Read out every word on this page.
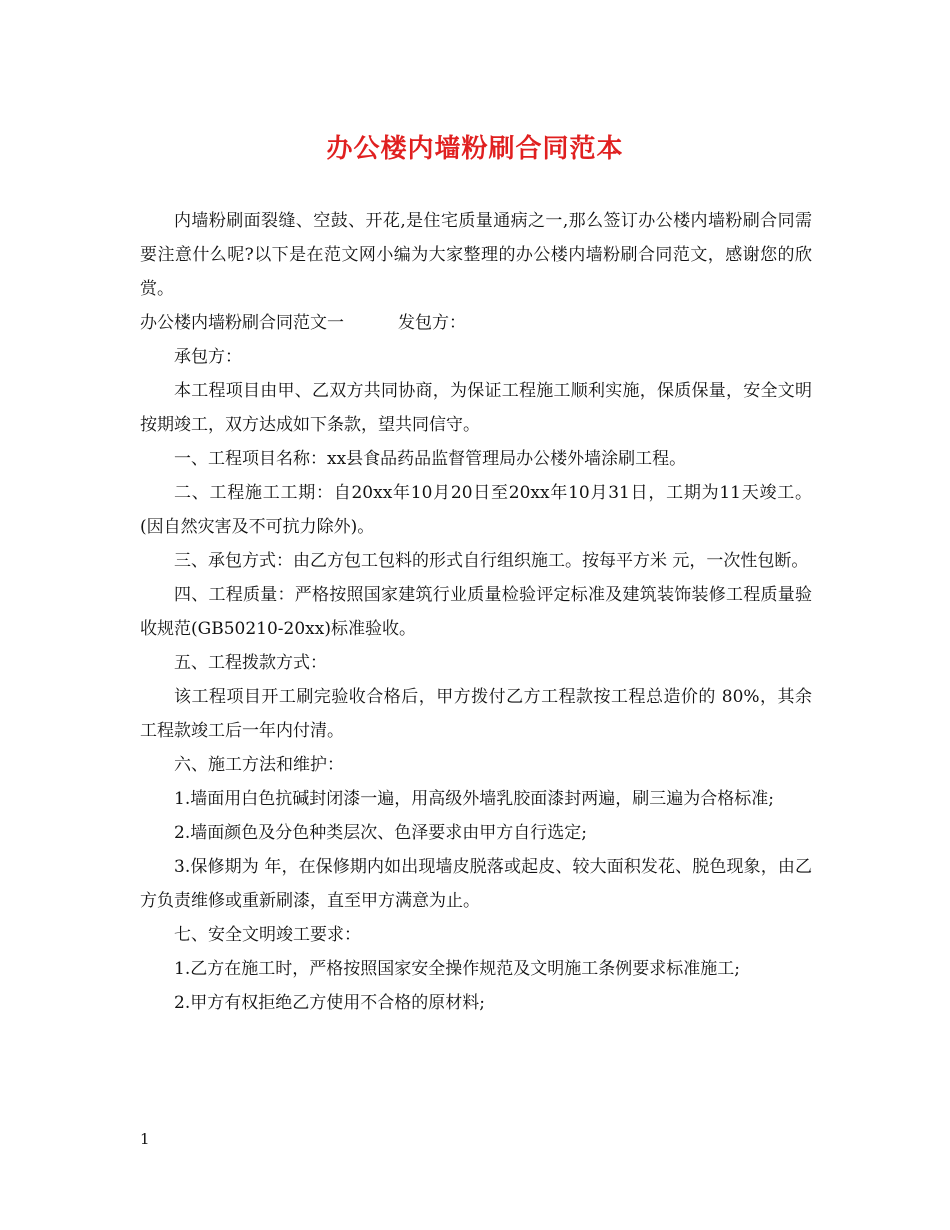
办公楼内墙粉刷合同范本

内墙粉刷面裂缝、空鼓、开花,是住宅质量通病之一,那么签订办公楼内墙粉刷合同需要注意什么呢?以下是在范文网小编为大家整理的办公楼内墙粉刷合同范文，感谢您的欣赏。

办公楼内墙粉刷合同范文一	发包方：

承包方：

本工程项目由甲、乙双方共同协商，为保证工程施工顺利实施，保质保量，安全文明按期竣工，双方达成如下条款，望共同信守。

一、工程项目名称：xx县食品药品监督管理局办公楼外墙涂刷工程。

二、工程施工工期：自20xx年10月20日至20xx年10月31日，工期为11天竣工。(因自然灾害及不可抗力除外)。

三、承包方式：由乙方包工包料的形式自行组织施工。按每平方米 元，一次性包断。

四、工程质量：严格按照国家建筑行业质量检验评定标准及建筑装饰装修工程质量验收规范(GB50210-20xx)标准验收。

五、工程拨款方式：

该工程项目开工刷完验收合格后，甲方拨付乙方工程款按工程总造价的 80%，其余工程款竣工后一年内付清。

六、施工方法和维护：

1.墙面用白色抗碱封闭漆一遍，用高级外墙乳胶面漆封两遍，刷三遍为合格标准;

2.墙面颜色及分色种类层次、色泽要求由甲方自行选定;

3.保修期为 年，在保修期内如出现墙皮脱落或起皮、较大面积发花、脱色现象，由乙方负责维修或重新刷漆，直至甲方满意为止。

七、安全文明竣工要求：

1.乙方在施工时，严格按照国家安全操作规范及文明施工条例要求标准施工;

2.甲方有权拒绝乙方使用不合格的原材料;

1
